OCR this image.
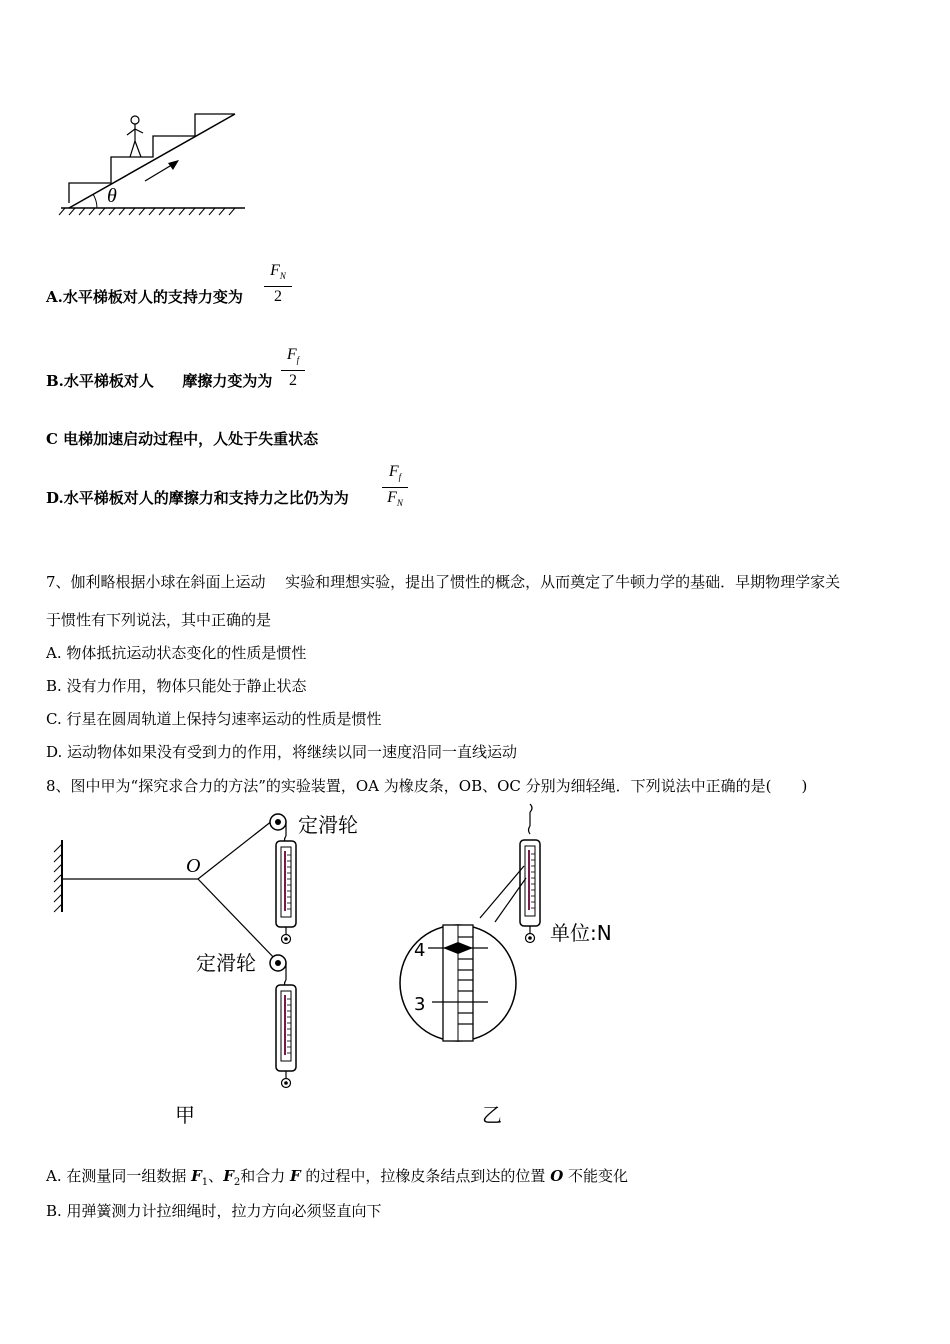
θ
A.水平梯板对人的支持力变为
$F_N$
2
B.水平梯板对人 摩擦力变为为
$F_f$
2
C 电梯加速启动过程中，人处于失重状态
D.水平梯板对人的摩擦力和支持力之比仍为为
$F_f$
$F_N$
7、伽利略根据小球在斜面上运动 实验和理想实验，提出了惯性的概念，从而奠定了牛顿力学的基础．早期物理学家关
于惯性有下列说法，其中正确的是
A. 物体抵抗运动状态变化的性质是惯性
B. 没有力作用，物体只能处于静止状态
C. 行星在圆周轨道上保持匀速率运动的性质是惯性
D. 运动物体如果没有受到力的作用，将继续以同一速度沿同一直线运动
8、图中甲为“探究求合力的方法”的实验装置，OA 为橡皮条，OB、OC 分别为细轻绳．下列说法中正确的是(　　)
O
定滑轮
定滑轮
单位:N
4
3
甲	乙
A. 在测量同一组数据 $F_1$、$F_2$和合力 F 的过程中，拉橡皮条结点到达的位置 O 不能变化
B. 用弹簧测力计拉细绳时，拉力方向必须竖直向下
